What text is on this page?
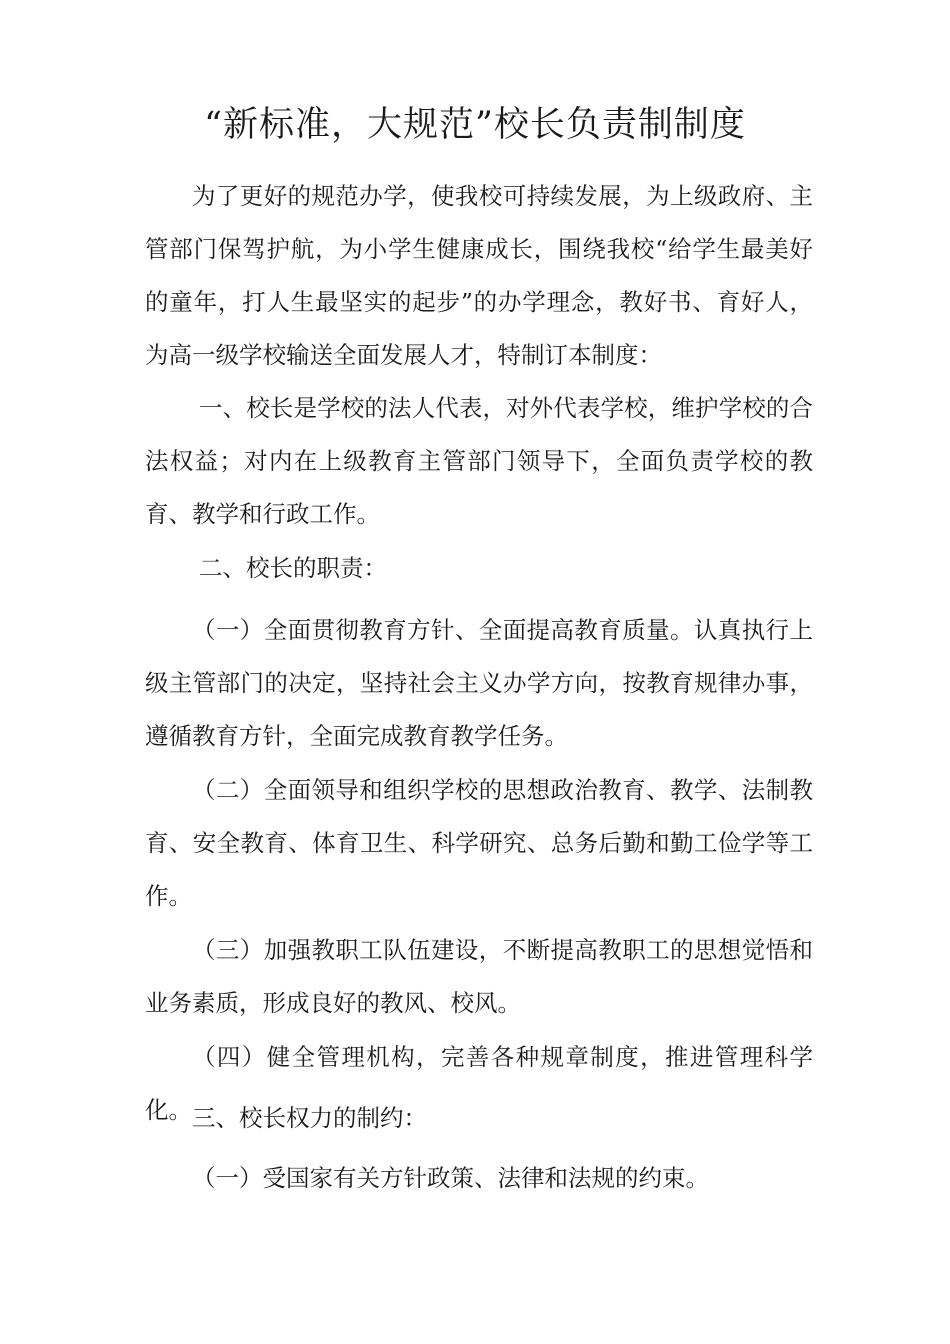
“新标准，大规范”校长负责制制度

为了更好的规范办学，使我校可持续发展，为上级政府、主管部门保驾护航，为小学生健康成长，围绕我校“给学生最美好的童年，打人生最坚实的起步”的办学理念，教好书、育好人，为高一级学校输送全面发展人才，特制订本制度：

一、校长是学校的法人代表，对外代表学校，维护学校的合法权益；对内在上级教育主管部门领导下，全面负责学校的教育、教学和行政工作。

二、校长的职责：

（一）全面贯彻教育方针、全面提高教育质量。认真执行上级主管部门的决定，坚持社会主义办学方向，按教育规律办事，遵循教育方针，全面完成教育教学任务。

（二）全面领导和组织学校的思想政治教育、教学、法制教育、安全教育、体育卫生、科学研究、总务后勤和勤工俭学等工作。

（三）加强教职工队伍建设，不断提高教职工的思想觉悟和业务素质，形成良好的教风、校风。

（四）健全管理机构，完善各种规章制度，推进管理科学化。 三、校长权力的制约：

（一）受国家有关方针政策、法律和法规的约束。
